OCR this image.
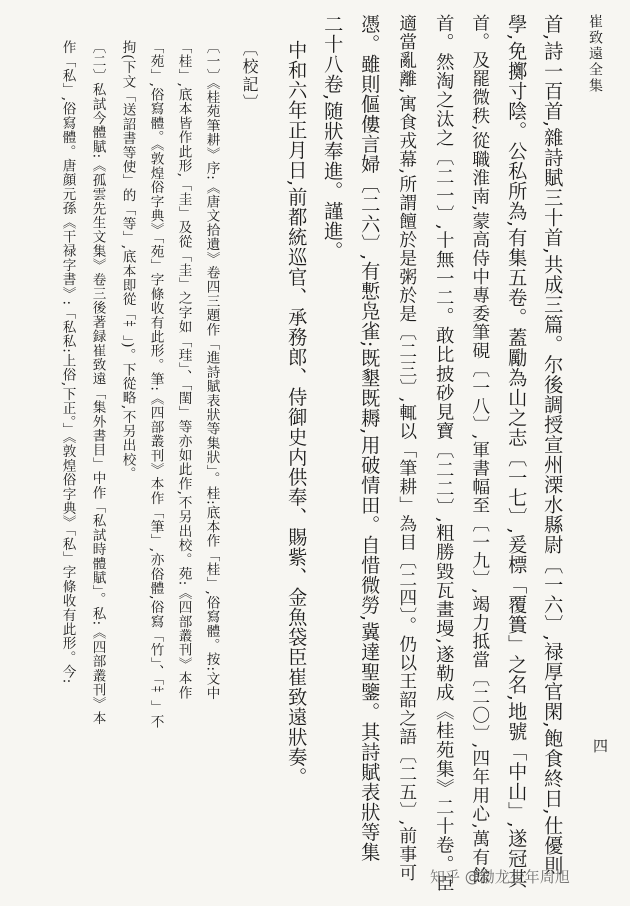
崔致遠全集
四
首,詩一百首,雜詩賦三十首,共成三篇。尔後調授宣州溧水縣尉〔一六〕,禄厚官閑,飽食終日,仕優則
學,免擲寸陰。公私所為,有集五卷。蓋勵為山之志〔一七〕,爰標「覆簣」之名,地號「中山」,遂冠其
首。及罷微秩,從職淮南,蒙高侍中專委筆硯〔一八〕,軍書幅至〔一九〕,竭力抵當〔二〇〕,四年用心,萬有餘
首。然淘之汰之〔二一〕,十無一二。敢比披砂見寶〔二二〕,粗勝毀瓦畫墁,遂勒成《桂苑集》二十卷。臣
適當亂離,寓食戎幕,所謂饘於是粥於是〔二三〕,輒以「筆耕」為目〔二四〕。仍以王韶之語〔二五〕,前事可
憑。雖則傴僂言婦〔二六〕,有慙凫雀;既墾既耨,用破情田。自惜微勞,冀達聖鑒。其詩賦表狀等集
二十八卷,随狀奉進。謹進。
中和六年正月日,前都統巡官、承務郎、侍御史内供奉、賜紫、金魚袋臣崔致遠狀奏。
〔校記〕
〔一〕《桂苑筆耕》序:《唐文拾遺》卷四三題作「進詩賦表狀等集狀」。桂:底本作「桂」,俗寫體。按:文中
「桂」,底本皆作此形,「圭」及從「圭」之字如「珪」、「閨」等亦如此作,不另出校。苑:《四部叢刊》本作
「苑」,俗寫體。《敦煌俗字典》「苑」字條收有此形。筆:《四部叢刊》本作「筆」,亦俗體,俗寫「竹」、「艹」不
拘(下文「送詔書等使」的「等」,底本即從「艹」)。下從略,不另出校。
〔二〕私試今體賦:《孤雲先生文集》卷三後著録崔致遠「集外書目」中作「私試時體賦」。私:《四部叢刊》本
作「私」,俗寫體。唐顔元孫《干禄字書》:「私私:上俗,下正。」《敦煌俗字典》「私」字條收有此形。今:
知乎 @渤龙少年周旭
